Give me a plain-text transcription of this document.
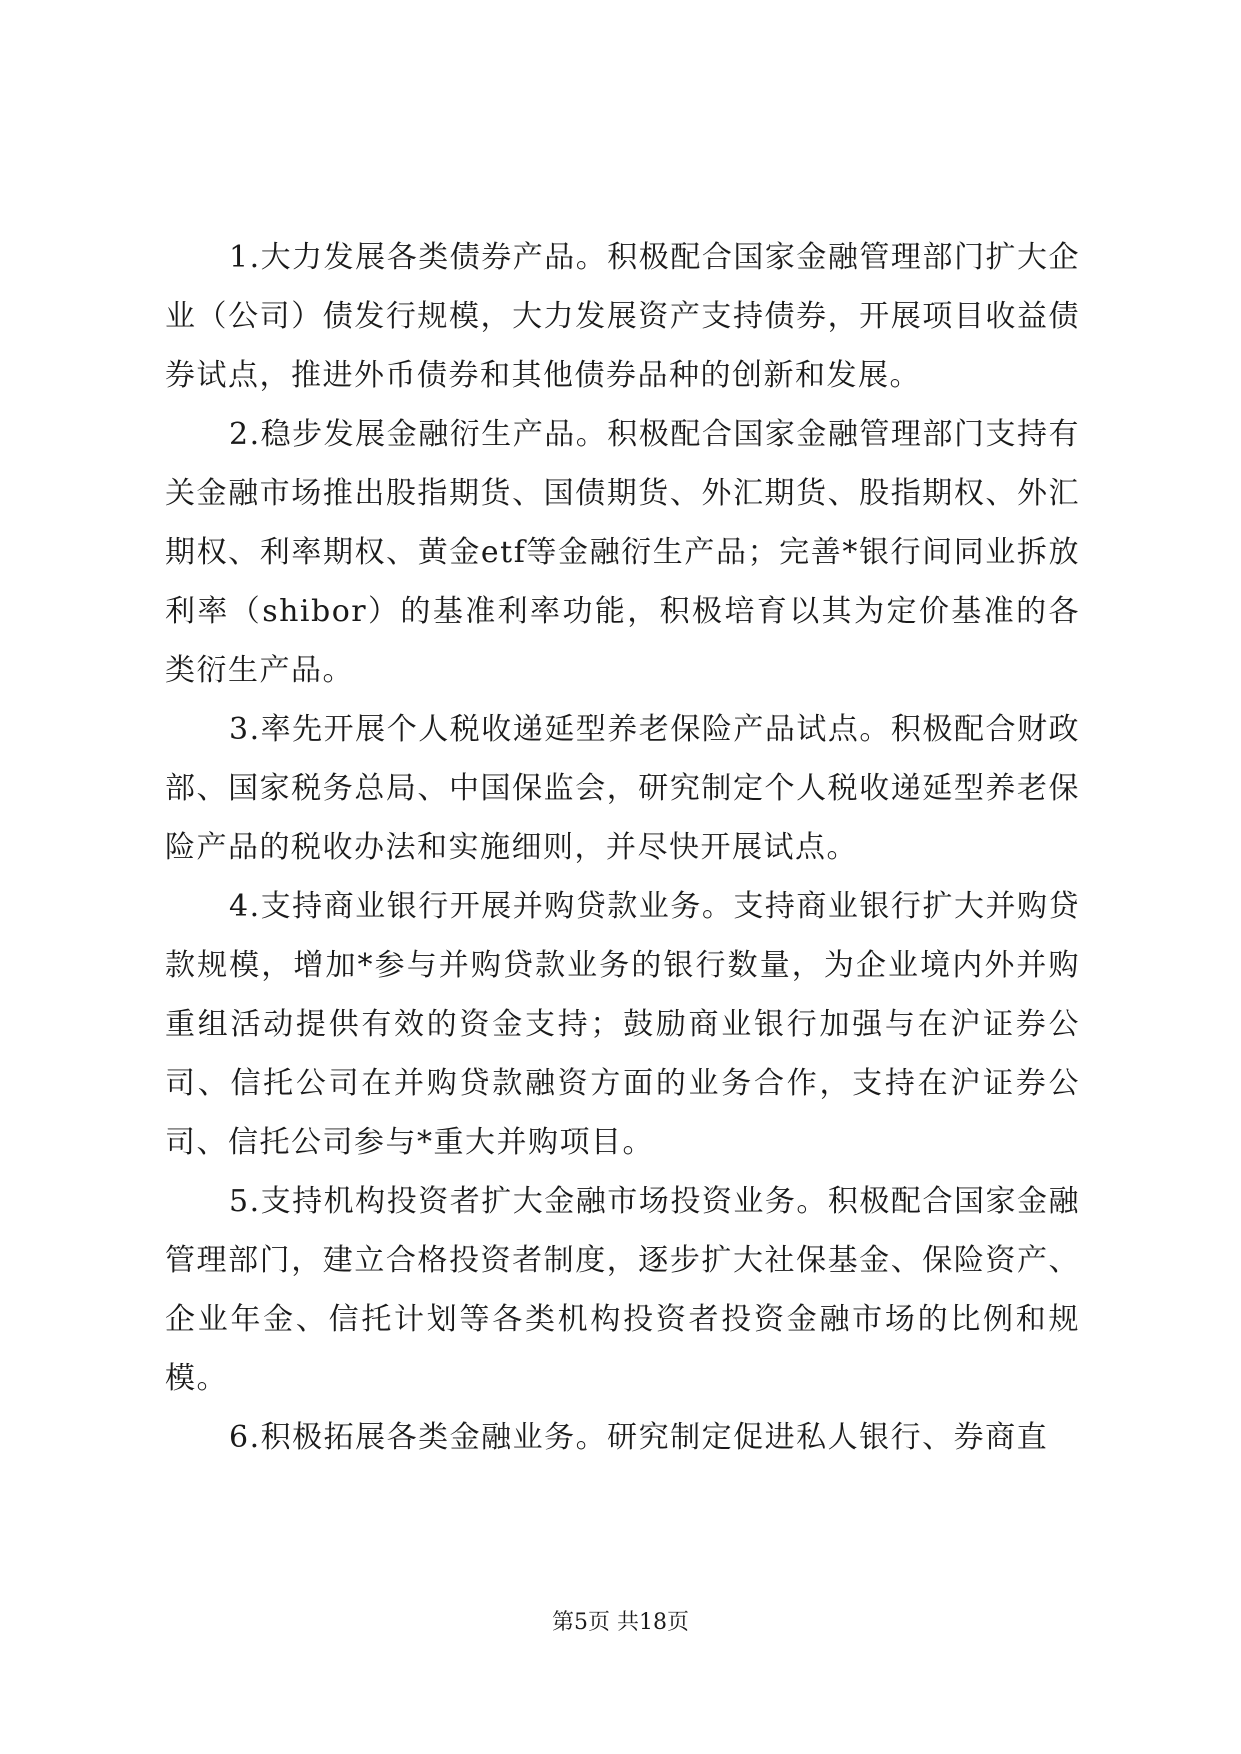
1.大力发展各类债券产品。积极配合国家金融管理部门扩大企业（公司）债发行规模，大力发展资产支持债券，开展项目收益债券试点，推进外币债券和其他债券品种的创新和发展。

2.稳步发展金融衍生产品。积极配合国家金融管理部门支持有关金融市场推出股指期货、国债期货、外汇期货、股指期权、外汇期权、利率期权、黄金etf等金融衍生产品；完善*银行间同业拆放利率（shibor）的基准利率功能，积极培育以其为定价基准的各类衍生产品。

3.率先开展个人税收递延型养老保险产品试点。积极配合财政部、国家税务总局、中国保监会，研究制定个人税收递延型养老保险产品的税收办法和实施细则，并尽快开展试点。

4.支持商业银行开展并购贷款业务。支持商业银行扩大并购贷款规模，增加*参与并购贷款业务的银行数量，为企业境内外并购重组活动提供有效的资金支持；鼓励商业银行加强与在沪证券公司、信托公司在并购贷款融资方面的业务合作，支持在沪证券公司、信托公司参与*重大并购项目。

5.支持机构投资者扩大金融市场投资业务。积极配合国家金融管理部门，建立合格投资者制度，逐步扩大社保基金、保险资产、企业年金、信托计划等各类机构投资者投资金融市场的比例和规模。

6.积极拓展各类金融业务。研究制定促进私人银行、券商直

第5页 共18页
